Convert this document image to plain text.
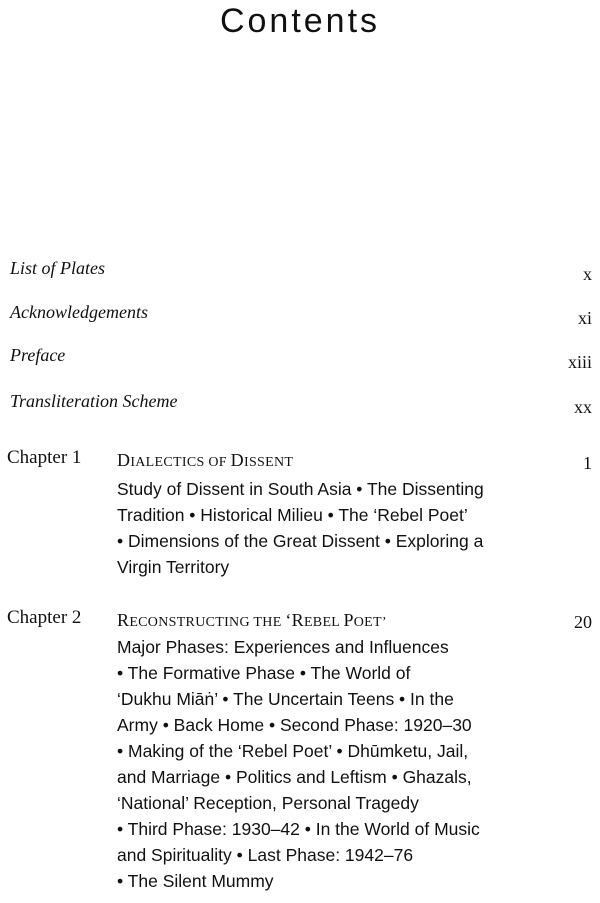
Contents
List of Plates	x
Acknowledgements	xi
Preface	xiii
Transliteration Scheme	xx
Chapter 1 DIALECTICS OF DISSENT	1
Study of Dissent in South Asia • The Dissenting
Tradition • Historical Milieu • The ‘Rebel Poet’
• Dimensions of the Great Dissent • Exploring a
Virgin Territory
Chapter 2 RECONSTRUCTING THE ‘REBEL POET’	20
Major Phases: Experiences and Influences
• The Formative Phase • The World of
‘Dukhu Miāṅ’ • The Uncertain Teens • In the
Army • Back Home • Second Phase: 1920–30
• Making of the ‘Rebel Poet’ • Dhūmketu, Jail,
and Marriage • Politics and Leftism • Ghazals,
‘National’ Reception, Personal Tragedy
• Third Phase: 1930–42 • In the World of Music
and Spirituality • Last Phase: 1942–76
• The Silent Mummy
